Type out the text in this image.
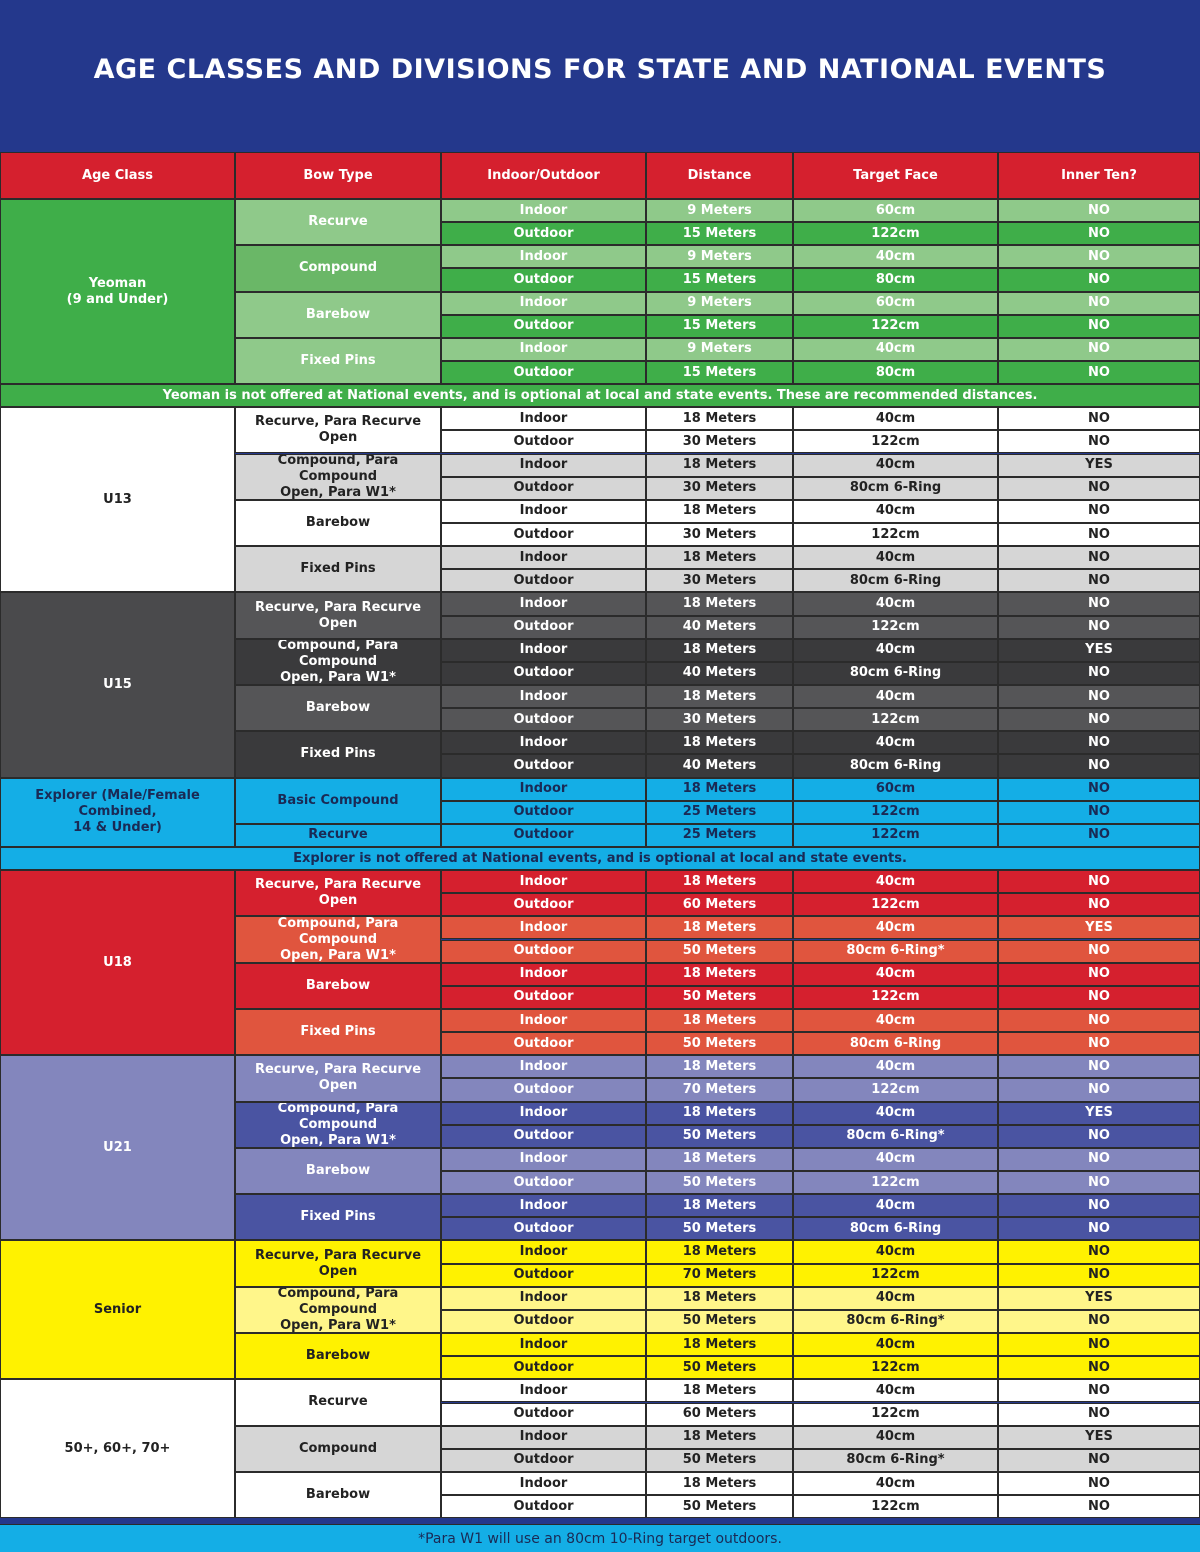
AGE CLASSES AND DIVISIONS FOR STATE AND NATIONAL EVENTS
Age Class	Bow Type	Indoor/Outdoor	Distance	Target Face	Inner Ten?
Yeoman
(9 and Under)
Recurve
Indoor	9 Meters	60cm	NO
Outdoor	15 Meters	122cm	NO
Compound
Indoor	9 Meters	40cm	NO
Outdoor	15 Meters	80cm	NO
Barebow
Indoor	9 Meters	60cm	NO
Outdoor	15 Meters	122cm	NO
Fixed Pins
Indoor	9 Meters	40cm	NO
Outdoor	15 Meters	80cm	NO
Yeoman is not offered at National events, and is optional at local and state events. These are recommended distances.
U13
Recurve, Para Recurve Open
Indoor	18 Meters	40cm	NO
Outdoor	30 Meters	122cm	NO
Compound, Para Compound
Open, Para W1*
Indoor	18 Meters	40cm	YES
Outdoor	30 Meters	80cm 6-Ring	NO
Barebow
Indoor	18 Meters	40cm	NO
Outdoor	30 Meters	122cm	NO
Fixed Pins
Indoor	18 Meters	40cm	NO
Outdoor	30 Meters	80cm 6-Ring	NO
U15
Recurve, Para Recurve Open
Indoor	18 Meters	40cm	NO
Outdoor	40 Meters	122cm	NO
Compound, Para Compound
Open, Para W1*
Indoor	18 Meters	40cm	YES
Outdoor	40 Meters	80cm 6-Ring	NO
Barebow
Indoor	18 Meters	40cm	NO
Outdoor	30 Meters	122cm	NO
Fixed Pins
Indoor	18 Meters	40cm	NO
Outdoor	40 Meters	80cm 6-Ring	NO
Explorer (Male/Female Combined,
14 & Under)
Basic Compound
Indoor	18 Meters	60cm	NO
Outdoor	25 Meters	122cm	NO
Recurve	Outdoor	25 Meters	122cm	NO
Explorer is not offered at National events, and is optional at local and state events.
U18
Recurve, Para Recurve Open
Indoor	18 Meters	40cm	NO
Outdoor	60 Meters	122cm	NO
Compound, Para Compound
Open, Para W1*
Indoor	18 Meters	40cm	YES
Outdoor	50 Meters	80cm 6-Ring*	NO
Barebow
Indoor	18 Meters	40cm	NO
Outdoor	50 Meters	122cm	NO
Fixed Pins
Indoor	18 Meters	40cm	NO
Outdoor	50 Meters	80cm 6-Ring	NO
U21
Recurve, Para Recurve Open
Indoor	18 Meters	40cm	NO
Outdoor	70 Meters	122cm	NO
Compound, Para Compound
Open, Para W1*
Indoor	18 Meters	40cm	YES
Outdoor	50 Meters	80cm 6-Ring*	NO
Barebow
Indoor	18 Meters	40cm	NO
Outdoor	50 Meters	122cm	NO
Fixed Pins
Indoor	18 Meters	40cm	NO
Outdoor	50 Meters	80cm 6-Ring	NO
Senior
Recurve, Para Recurve Open
Indoor	18 Meters	40cm	NO
Outdoor	70 Meters	122cm	NO
Compound, Para Compound
Open, Para W1*
Indoor	18 Meters	40cm	YES
Outdoor	50 Meters	80cm 6-Ring*	NO
Barebow
Indoor	18 Meters	40cm	NO
Outdoor	50 Meters	122cm	NO
50+, 60+, 70+
Recurve
Indoor	18 Meters	40cm	NO
Outdoor	60 Meters	122cm	NO
Compound
Indoor	18 Meters	40cm	YES
Outdoor	50 Meters	80cm 6-Ring*	NO
Barebow
Indoor	18 Meters	40cm	NO
Outdoor	50 Meters	122cm	NO
*Para W1 will use an 80cm 10-Ring target outdoors.
